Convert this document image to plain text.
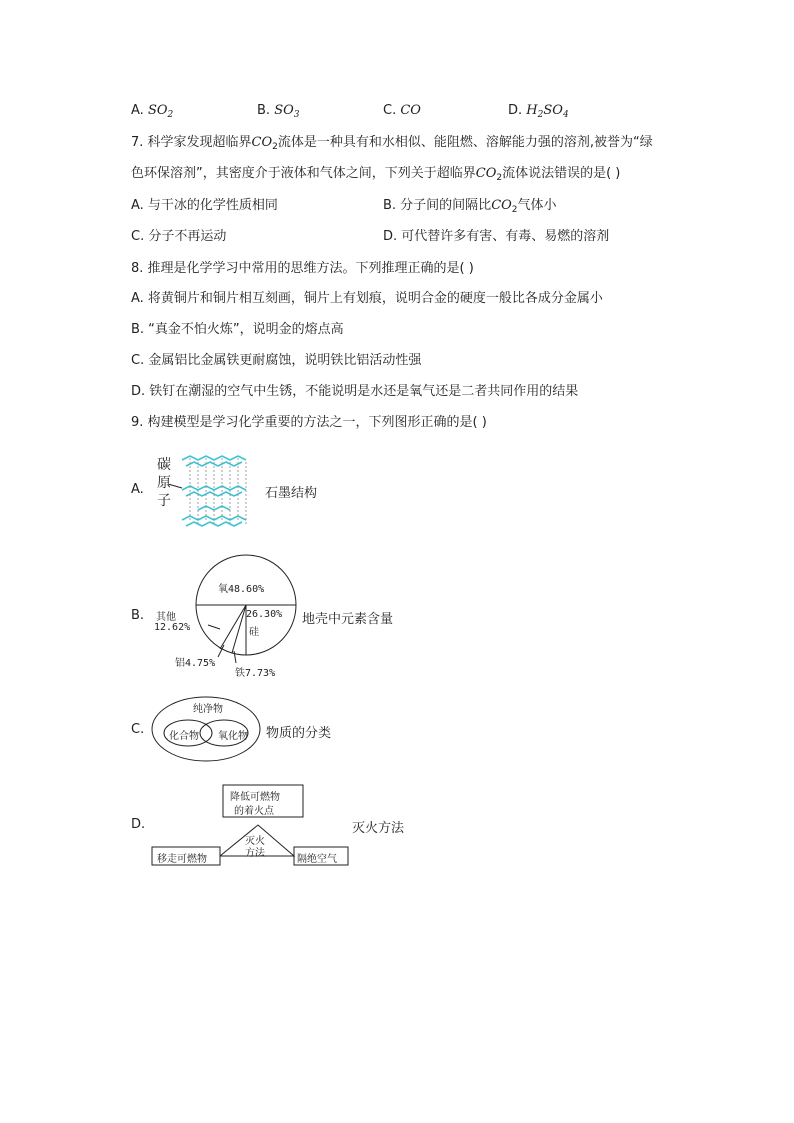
A. $SO_2$	B. $SO_3$	C. CO	D. $H_2SO_4$
7. 科学家发现超临界$CO_2$流体是一种具有和水相似、能阻燃、溶解能力强的溶剂,被誉为“绿
色环保溶剂”，其密度介于液体和气体之间，下列关于超临界$CO_2$流体说法错误的是( )
A. 与干冰的化学性质相同	B. 分子间的间隔比$CO_2$气体小
C. 分子不再运动	D. 可代替许多有害、有毒、易燃的溶剂
8. 推理是化学学习中常用的思维方法。下列推理正确的是( )
A. 将黄铜片和铜片相互刻画，铜片上有划痕，说明合金的硬度一般比各成分金属小
B. “真金不怕火炼”，说明金的熔点高
C. 金属铝比金属铁更耐腐蚀，说明铁比铝活动性强
D. 铁钉在潮湿的空气中生锈，不能说明是水还是氧气还是二者共同作用的结果
9. 构建模型是学习化学重要的方法之一，下列图形正确的是( )
A.
碳
原
子	石墨结构
B.
氧48.60%
26.30%
硅
铁7.73%
铝4.75%
其他
12.62%
地壳中元素含量
C.
纯净物
化合物 氧化物 物质的分类
D.
降低可燃物
的着火点
灭火
方法
移走可燃物	隔绝空气
灭火方法
